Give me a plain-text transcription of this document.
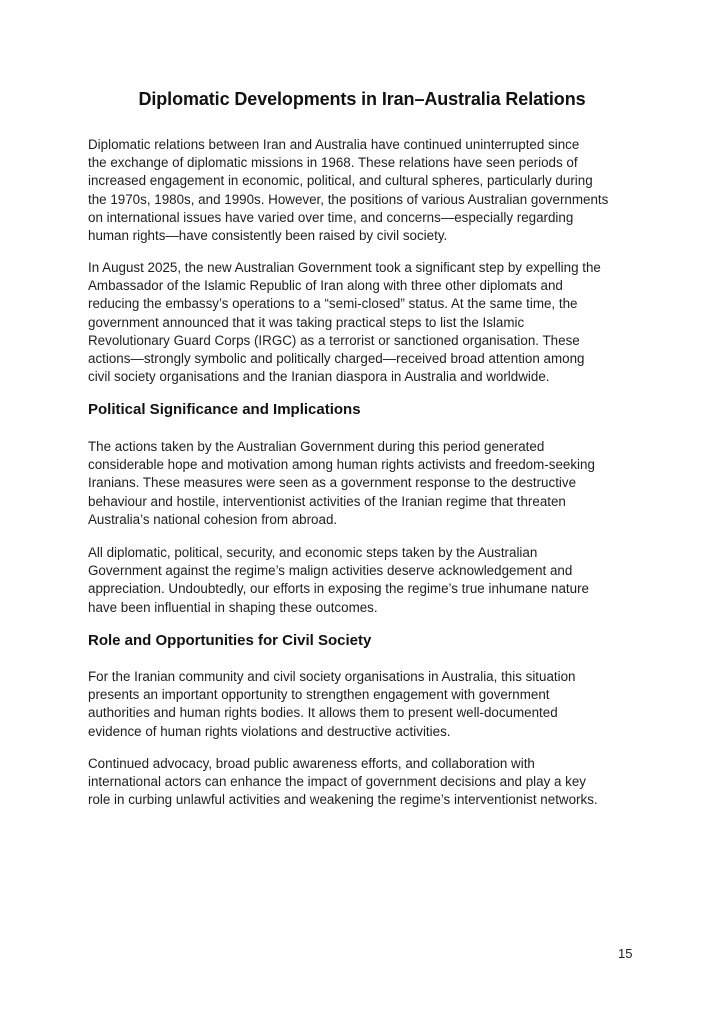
Diplomatic Developments in Iran–Australia Relations

Diplomatic relations between Iran and Australia have continued uninterrupted since
the exchange of diplomatic missions in 1968. These relations have seen periods of
increased engagement in economic, political, and cultural spheres, particularly during
the 1970s, 1980s, and 1990s. However, the positions of various Australian governments
on international issues have varied over time, and concerns—especially regarding
human rights—have consistently been raised by civil society.

In August 2025, the new Australian Government took a significant step by expelling the
Ambassador of the Islamic Republic of Iran along with three other diplomats and
reducing the embassy’s operations to a “semi-closed” status. At the same time, the
government announced that it was taking practical steps to list the Islamic
Revolutionary Guard Corps (IRGC) as a terrorist or sanctioned organisation. These
actions—strongly symbolic and politically charged—received broad attention among
civil society organisations and the Iranian diaspora in Australia and worldwide.

Political Significance and Implications

The actions taken by the Australian Government during this period generated
considerable hope and motivation among human rights activists and freedom-seeking
Iranians. These measures were seen as a government response to the destructive
behaviour and hostile, interventionist activities of the Iranian regime that threaten
Australia’s national cohesion from abroad.

All diplomatic, political, security, and economic steps taken by the Australian
Government against the regime’s malign activities deserve acknowledgement and
appreciation. Undoubtedly, our efforts in exposing the regime’s true inhumane nature
have been influential in shaping these outcomes.

Role and Opportunities for Civil Society

For the Iranian community and civil society organisations in Australia, this situation
presents an important opportunity to strengthen engagement with government
authorities and human rights bodies. It allows them to present well-documented
evidence of human rights violations and destructive activities.

Continued advocacy, broad public awareness efforts, and collaboration with
international actors can enhance the impact of government decisions and play a key
role in curbing unlawful activities and weakening the regime’s interventionist networks.

15
